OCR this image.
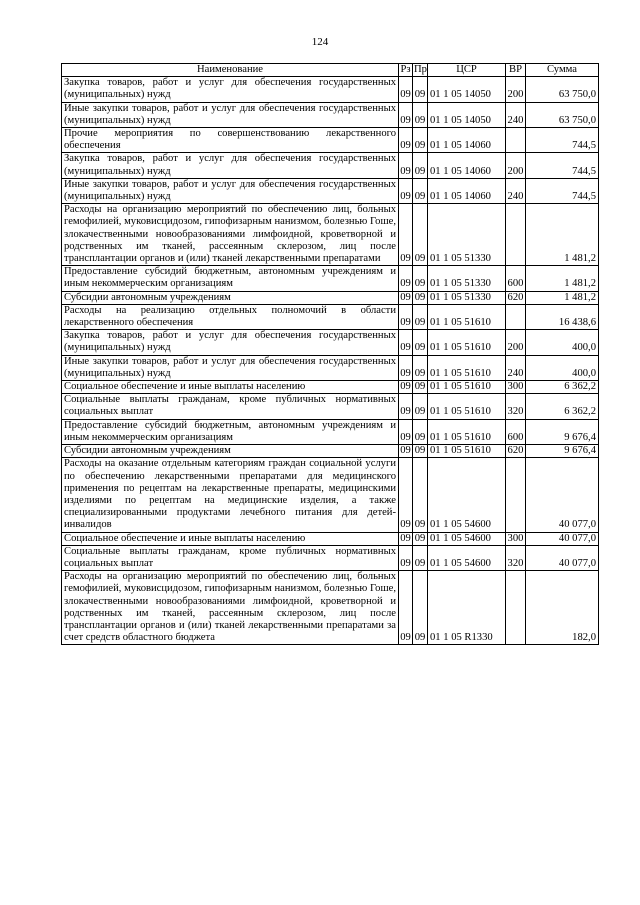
124
Наименование	Рз	Пр	ЦСР	ВР	Сумма
Закупка товаров, работ и услуг для обеспечения государственных (муниципальных) нужд	09	09	01 1 05 14050	200	63 750,0
Иные закупки товаров, работ и услуг для обеспечения государственных (муниципальных) нужд	09	09	01 1 05 14050	240	63 750,0
Прочие мероприятия по совершенствованию лекарственного обеспечения	09	09	01 1 05 14060		744,5
Закупка товаров, работ и услуг для обеспечения государственных (муниципальных) нужд	09	09	01 1 05 14060	200	744,5
Иные закупки товаров, работ и услуг для обеспечения государственных (муниципальных) нужд	09	09	01 1 05 14060	240	744,5
Расходы на организацию мероприятий по обеспечению лиц, больных гемофилией, муковисцидозом, гипофизарным нанизмом, болезнью Гоше, злокачественными новообразованиями лимфоидной, кроветворной и родственных им тканей, рассеянным склерозом, лиц после трансплантации органов и (или) тканей лекарственными препаратами	09	09	01 1 05 51330		1 481,2
Предоставление субсидий бюджетным, автономным учреждениям и иным некоммерческим организациям	09	09	01 1 05 51330	600	1 481,2
Субсидии автономным учреждениям	09	09	01 1 05 51330	620	1 481,2
Расходы на реализацию отдельных полномочий в области лекарственного обеспечения	09	09	01 1 05 51610		16 438,6
Закупка товаров, работ и услуг для обеспечения государственных (муниципальных) нужд	09	09	01 1 05 51610	200	400,0
Иные закупки товаров, работ и услуг для обеспечения государственных (муниципальных) нужд	09	09	01 1 05 51610	240	400,0
Социальное обеспечение и иные выплаты населению	09	09	01 1 05 51610	300	6 362,2
Социальные выплаты гражданам, кроме публичных нормативных социальных выплат	09	09	01 1 05 51610	320	6 362,2
Предоставление субсидий бюджетным, автономным учреждениям и иным некоммерческим организациям	09	09	01 1 05 51610	600	9 676,4
Субсидии автономным учреждениям	09	09	01 1 05 51610	620	9 676,4
Расходы на оказание отдельным категориям граждан социальной услуги по обеспечению лекарственными препаратами для медицинского применения по рецептам на лекарственные препараты, медицинскими изделиями по рецептам на медицинские изделия, а также специализированными продуктами лечебного питания для детей-инвалидов	09	09	01 1 05 54600		40 077,0
Социальное обеспечение и иные выплаты населению	09	09	01 1 05 54600	300	40 077,0
Социальные выплаты гражданам, кроме публичных нормативных социальных выплат	09	09	01 1 05 54600	320	40 077,0
Расходы на организацию мероприятий по обеспечению лиц, больных гемофилией, муковисцидозом, гипофизарным нанизмом, болезнью Гоше, злокачественными новообразованиями лимфоидной, кроветворной и родственных им тканей, рассеянным склерозом, лиц после трансплантации органов и (или) тканей лекарственными препаратами за счет средств областного бюджета	09	09	01 1 05 R1330		182,0
